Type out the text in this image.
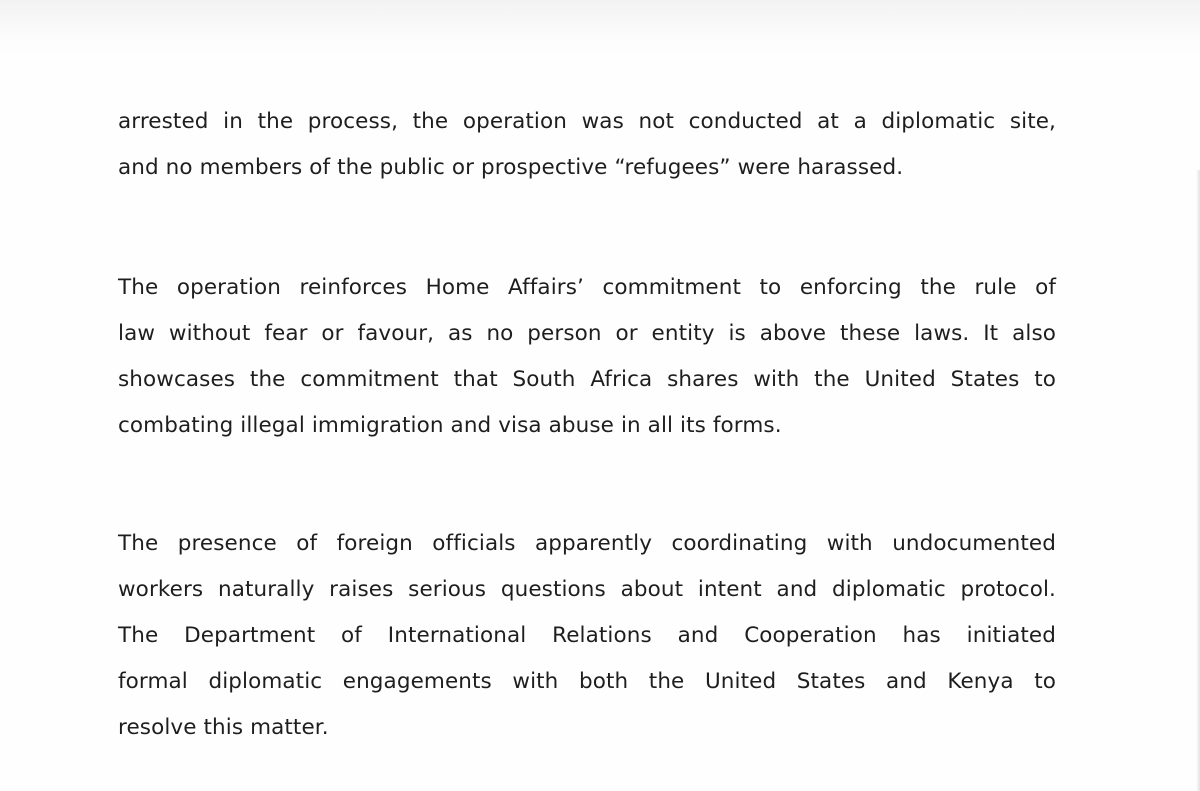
arrested in the process, the operation was not conducted at a diplomatic site,
and no members of the public or prospective “refugees” were harassed.

The operation reinforces Home Affairs’ commitment to enforcing the rule of
law without fear or favour, as no person or entity is above these laws. It also
showcases the commitment that South Africa shares with the United States to
combating illegal immigration and visa abuse in all its forms.

The presence of foreign officials apparently coordinating with undocumented
workers naturally raises serious questions about intent and diplomatic protocol.
The Department of International Relations and Cooperation has initiated
formal diplomatic engagements with both the United States and Kenya to
resolve this matter.
